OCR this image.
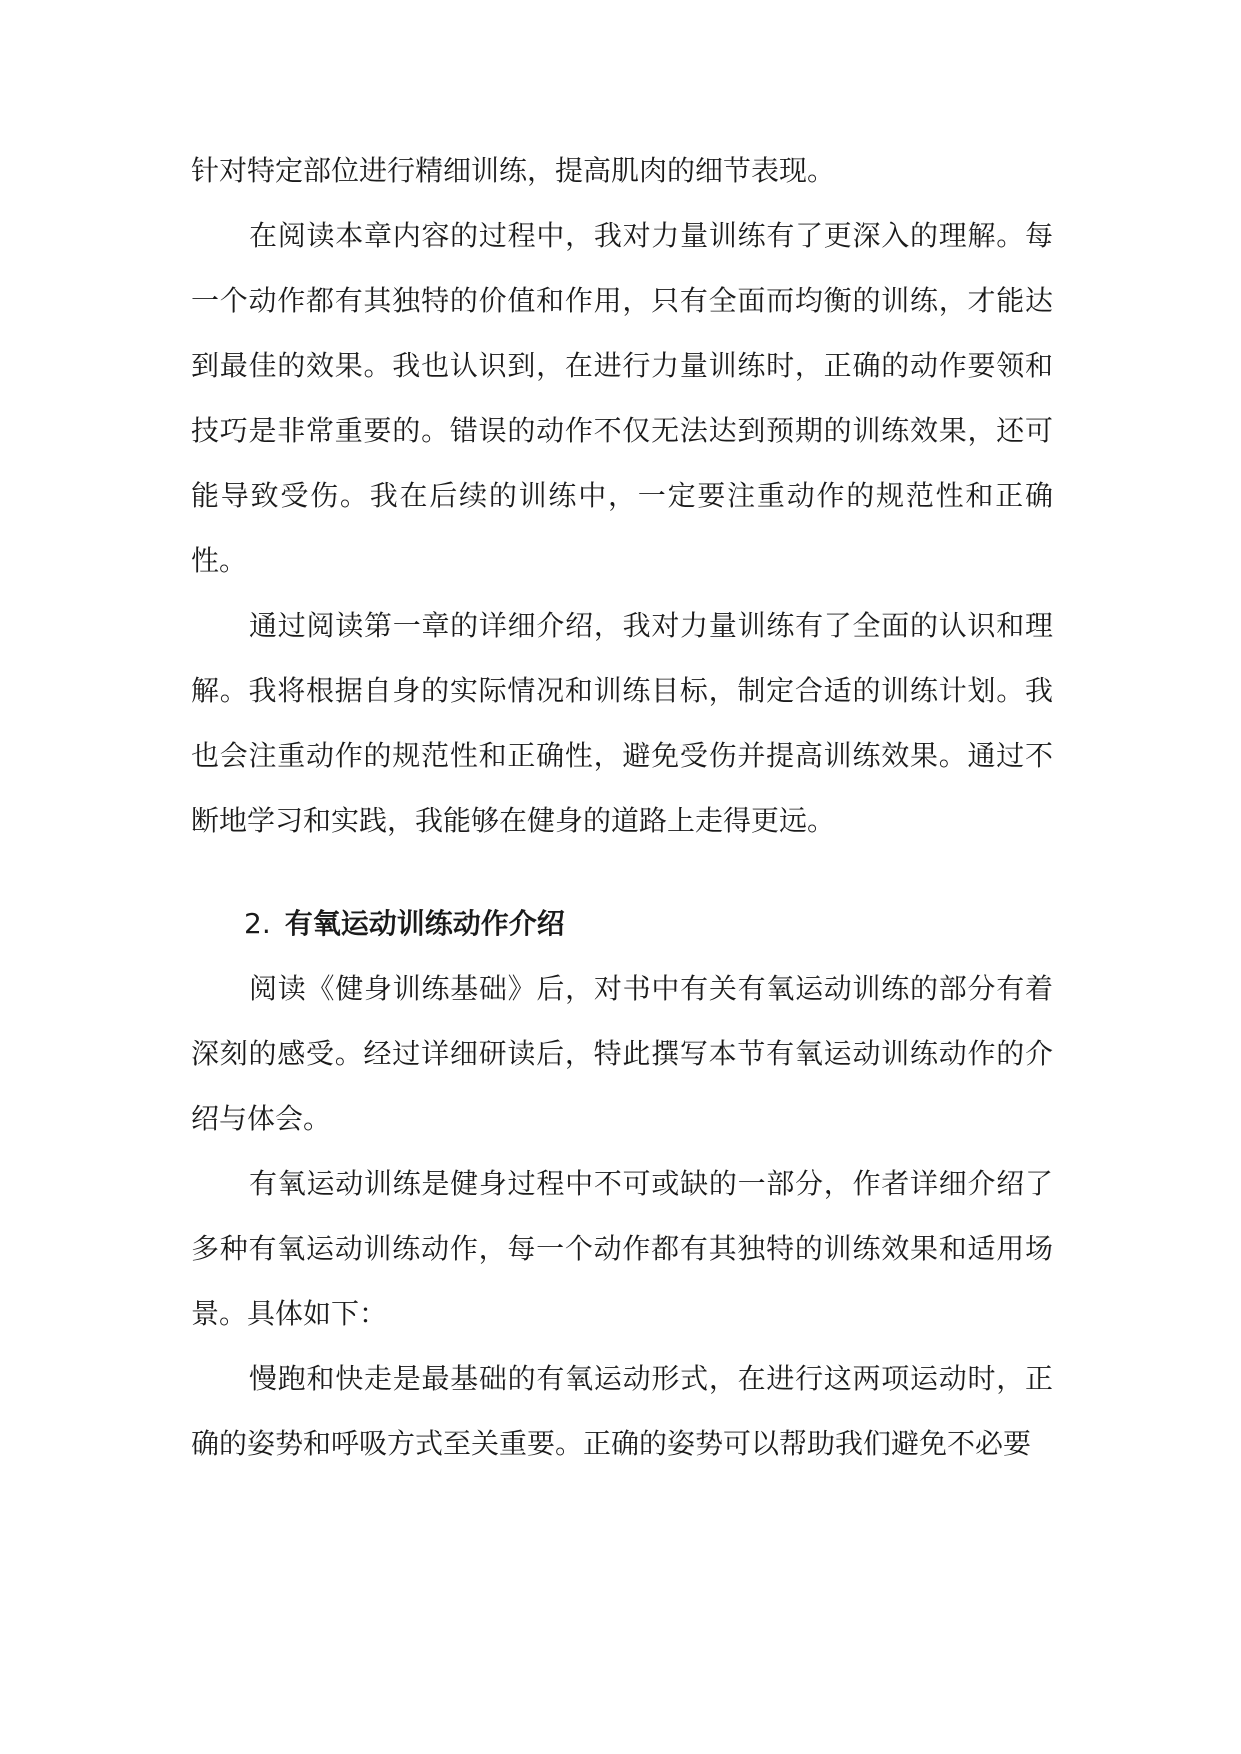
针对特定部位进行精细训练，提高肌肉的细节表现。

在阅读本章内容的过程中，我对力量训练有了更深入的理解。每一个动作都有其独特的价值和作用，只有全面而均衡的训练，才能达到最佳的效果。我也认识到，在进行力量训练时，正确的动作要领和技巧是非常重要的。错误的动作不仅无法达到预期的训练效果，还可能导致受伤。我在后续的训练中，一定要注重动作的规范性和正确性。

通过阅读第一章的详细介绍，我对力量训练有了全面的认识和理解。我将根据自身的实际情况和训练目标，制定合适的训练计划。我也会注重动作的规范性和正确性，避免受伤并提高训练效果。通过不断地学习和实践，我能够在健身的道路上走得更远。

2. 有氧运动训练动作介绍

阅读《健身训练基础》后，对书中有关有氧运动训练的部分有着深刻的感受。经过详细研读后，特此撰写本节有氧运动训练动作的介绍与体会。

有氧运动训练是健身过程中不可或缺的一部分，作者详细介绍了多种有氧运动训练动作，每一个动作都有其独特的训练效果和适用场景。具体如下：

慢跑和快走是最基础的有氧运动形式，在进行这两项运动时，正确的姿势和呼吸方式至关重要。正确的姿势可以帮助我们避免不必要
